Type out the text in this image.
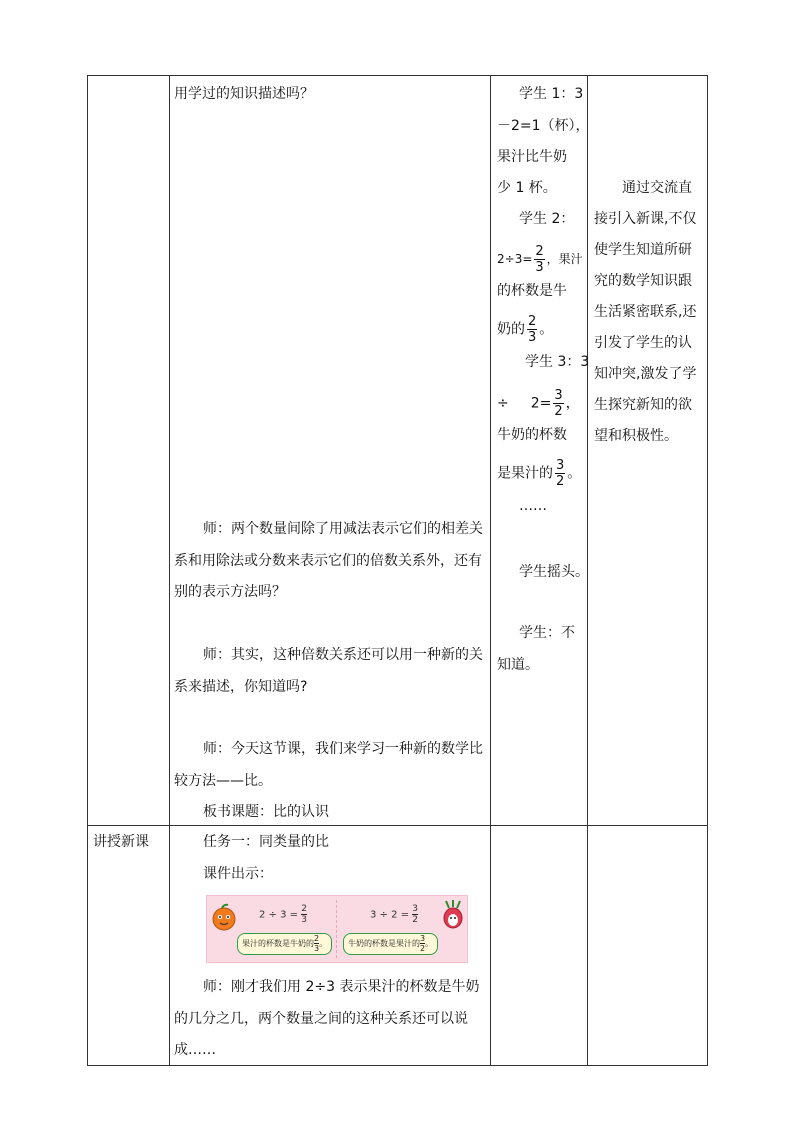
用学过的知识描述吗？
师：两个数量间除了用减法表示它们的相差关
系和用除法或分数来表示它们的倍数关系外，还有
别的表示方法吗？
师：其实，这种倍数关系还可以用一种新的关
系来描述，你知道吗?
师：今天这节课，我们来学习一种新的数学比
较方法——比。
板书课题：比的认识
学生 1：3
－2=1（杯），
果汁比牛奶
少 1 杯。
学生 2：
$2\div 3= \frac{2}{3}$ ，果汁
的杯数是牛
奶的 $\frac{2}{3}$ 。
学生 3：3
÷ $2= \frac{3}{2}$ ，
牛奶的杯数
是果汁的 $\frac{3}{2}$ 。
……
学生摇头。
学生：不
知道。
通过交流直
接引入新课,不仅
使学生知道所研
究的数学知识跟
生活紧密联系,还
引发了学生的认
知冲突,激发了学
生探究新知的欲
望和积极性。
讲授新课	任务一：同类量的比
课件出示：
$2 \div 3 = \frac{2}{3}$
果汁的杯数是牛奶的 $\frac{2}{3}$ 。
$3 \div 2 = \frac{3}{2}$
牛奶的杯数是果汁的 $\frac{3}{2}$ 。
师：刚才我们用 2÷3 表示果汁的杯数是牛奶
的几分之几，两个数量之间的这种关系还可以说
成……
